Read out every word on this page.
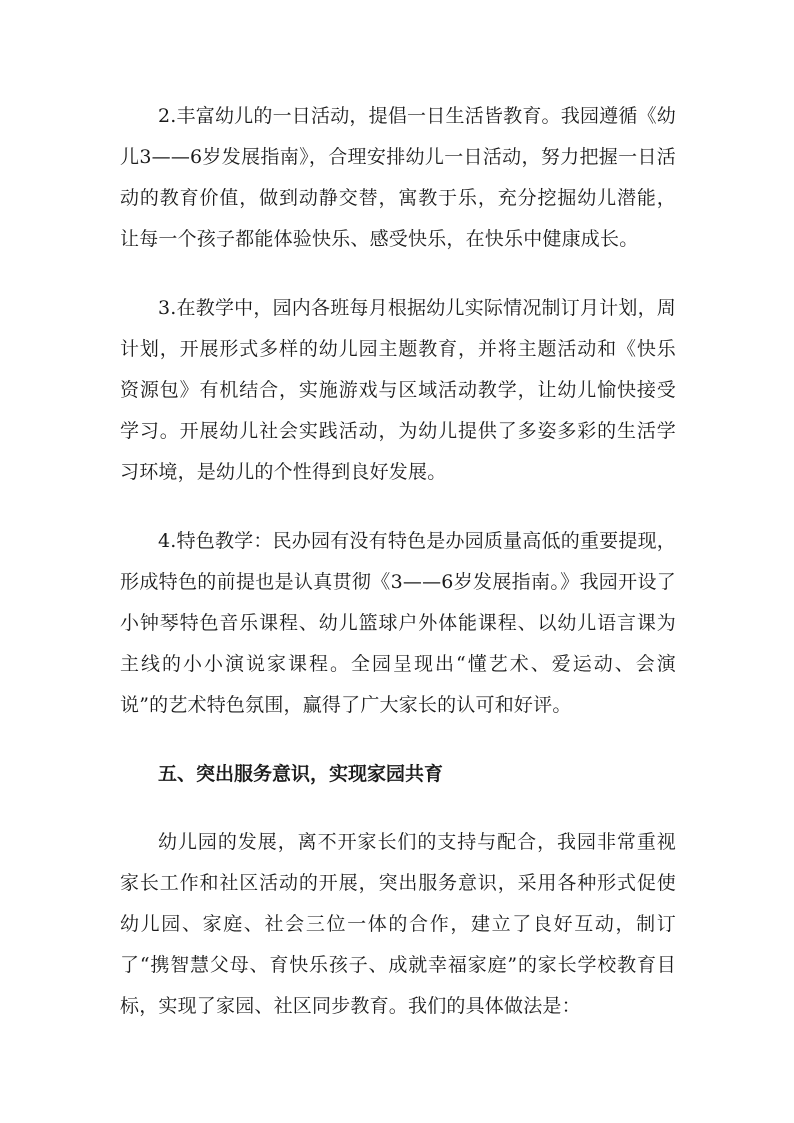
2.丰富幼儿的一日活动，提倡一日生活皆教育。我园遵循《幼儿3——6岁发展指南》，合理安排幼儿一日活动，努力把握一日活动的教育价值，做到动静交替，寓教于乐，充分挖掘幼儿潜能，让每一个孩子都能体验快乐、感受快乐，在快乐中健康成长。

3.在教学中，园内各班每月根据幼儿实际情况制订月计划，周计划，开展形式多样的幼儿园主题教育，并将主题活动和《快乐资源包》有机结合，实施游戏与区域活动教学，让幼儿愉快接受学习。开展幼儿社会实践活动，为幼儿提供了多姿多彩的生活学习环境，是幼儿的个性得到良好发展。

4.特色教学：民办园有没有特色是办园质量高低的重要提现，形成特色的前提也是认真贯彻《3——6岁发展指南。》我园开设了小钟琴特色音乐课程、幼儿篮球户外体能课程、以幼儿语言课为主线的小小演说家课程。全园呈现出“懂艺术、爱运动、会演说”的艺术特色氛围，赢得了广大家长的认可和好评。

五、突出服务意识，实现家园共育

幼儿园的发展，离不开家长们的支持与配合，我园非常重视家长工作和社区活动的开展，突出服务意识，采用各种形式促使幼儿园、家庭、社会三位一体的合作，建立了良好互动，制订了“携智慧父母、育快乐孩子、成就幸福家庭”的家长学校教育目标，实现了家园、社区同步教育。我们的具体做法是：
